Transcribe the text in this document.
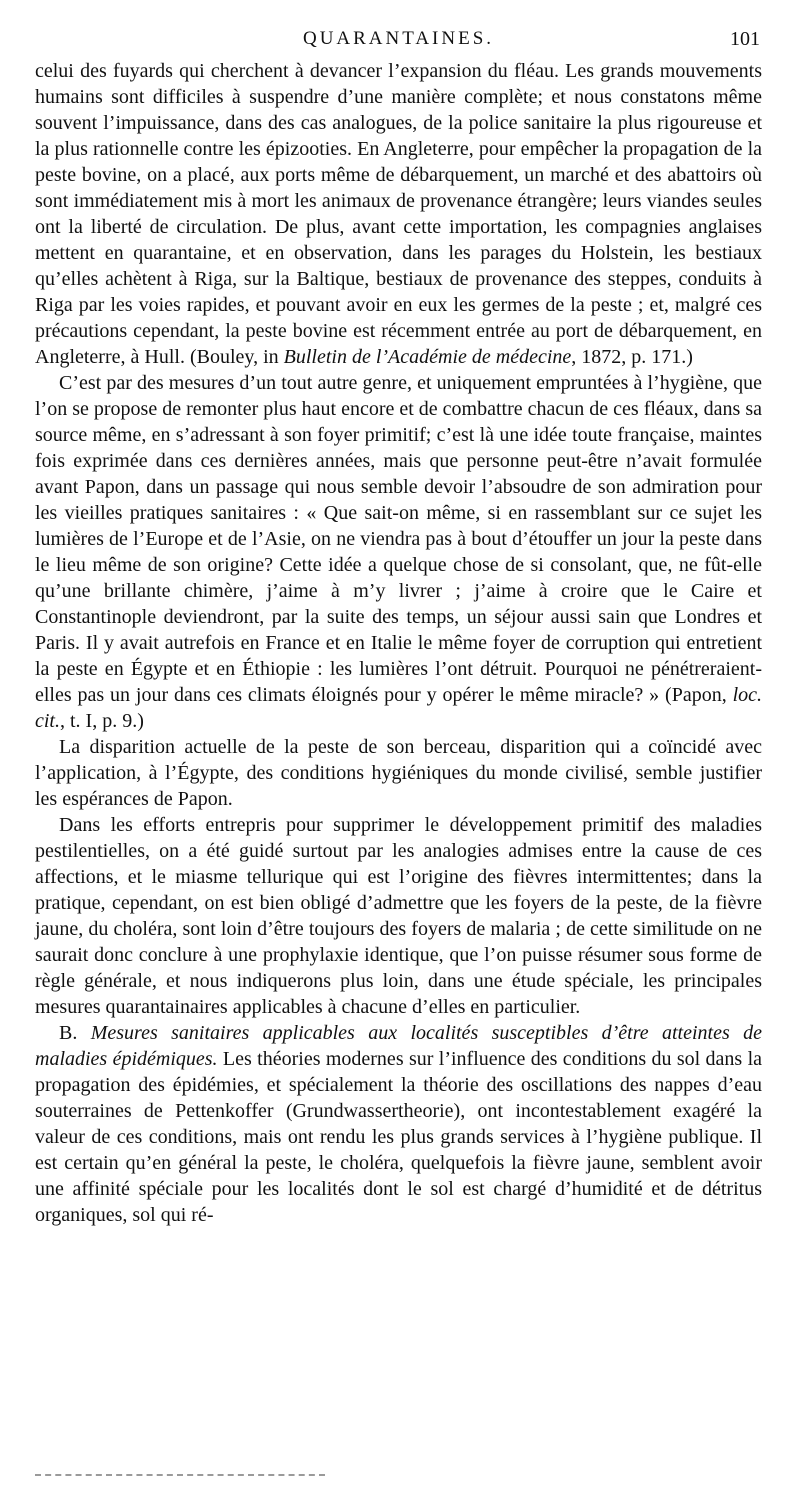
QUARANTAINES.	101

celui des fuyards qui cherchent à devancer l’expansion du fléau. Les grands mouvements humains sont difficiles à suspendre d’une manière complète; et nous constatons même souvent l’impuissance, dans des cas analogues, de la police sanitaire la plus rigoureuse et la plus rationnelle contre les épizooties. En Angleterre, pour empêcher la propagation de la peste bovine, on a placé, aux ports même de débarquement, un marché et des abattoirs où sont immédiatement mis à mort les animaux de provenance étrangère; leurs viandes seules ont la liberté de circulation. De plus, avant cette importation, les compagnies anglaises mettent en quarantaine, et en observation, dans les parages du Holstein, les bestiaux qu’elles achètent à Riga, sur la Baltique, bestiaux de provenance des steppes, conduits à Riga par les voies rapides, et pouvant avoir en eux les germes de la peste ; et, malgré ces précautions cependant, la peste bovine est récemment entrée au port de débarquement, en Angleterre, à Hull. (Bouley, in Bulletin de l’Académie de médecine, 1872, p. 171.)

C’est par des mesures d’un tout autre genre, et uniquement empruntées à l’hygiène, que l’on se propose de remonter plus haut encore et de combattre chacun de ces fléaux, dans sa source même, en s’adressant à son foyer primitif; c’est là une idée toute française, maintes fois exprimée dans ces dernières années, mais que personne peut-être n’avait formulée avant Papon, dans un passage qui nous semble devoir l’absoudre de son admiration pour les vieilles pratiques sanitaires : « Que sait-on même, si en rassemblant sur ce sujet les lumières de l’Europe et de l’Asie, on ne viendra pas à bout d’étouffer un jour la peste dans le lieu même de son origine? Cette idée a quelque chose de si consolant, que, ne fût-elle qu’une brillante chimère, j’aime à m’y livrer ; j’aime à croire que le Caire et Constantinople deviendront, par la suite des temps, un séjour aussi sain que Londres et Paris. Il y avait autrefois en France et en Italie le même foyer de corruption qui entretient la peste en Égypte et en Éthiopie : les lumières l’ont détruit. Pourquoi ne pénétreraient-elles pas un jour dans ces climats éloignés pour y opérer le même miracle? » (Papon, loc. cit., t. I, p. 9.)

La disparition actuelle de la peste de son berceau, disparition qui a coïncidé avec l’application, à l’Égypte, des conditions hygiéniques du monde civilisé, semble justifier les espérances de Papon.

Dans les efforts entrepris pour supprimer le développement primitif des maladies pestilentielles, on a été guidé surtout par les analogies admises entre la cause de ces affections, et le miasme tellurique qui est l’origine des fièvres intermittentes; dans la pratique, cependant, on est bien obligé d’admettre que les foyers de la peste, de la fièvre jaune, du choléra, sont loin d’être toujours des foyers de malaria ; de cette similitude on ne saurait donc conclure à une prophylaxie identique, que l’on puisse résumer sous forme de règle générale, et nous indiquerons plus loin, dans une étude spéciale, les principales mesures quarantainaires applicables à chacune d’elles en particulier.

B. Mesures sanitaires applicables aux localités susceptibles d’être atteintes de maladies épidémiques. Les théories modernes sur l’influence des conditions du sol dans la propagation des épidémies, et spécialement la théorie des oscillations des nappes d’eau souterraines de Pettenkoffer (Grundwassertheorie), ont incontestablement exagéré la valeur de ces conditions, mais ont rendu les plus grands services à l’hygiène publique. Il est certain qu’en général la peste, le choléra, quelquefois la fièvre jaune, semblent avoir une affinité spéciale pour les localités dont le sol est chargé d’humidité et de détritus organiques, sol qui ré-
